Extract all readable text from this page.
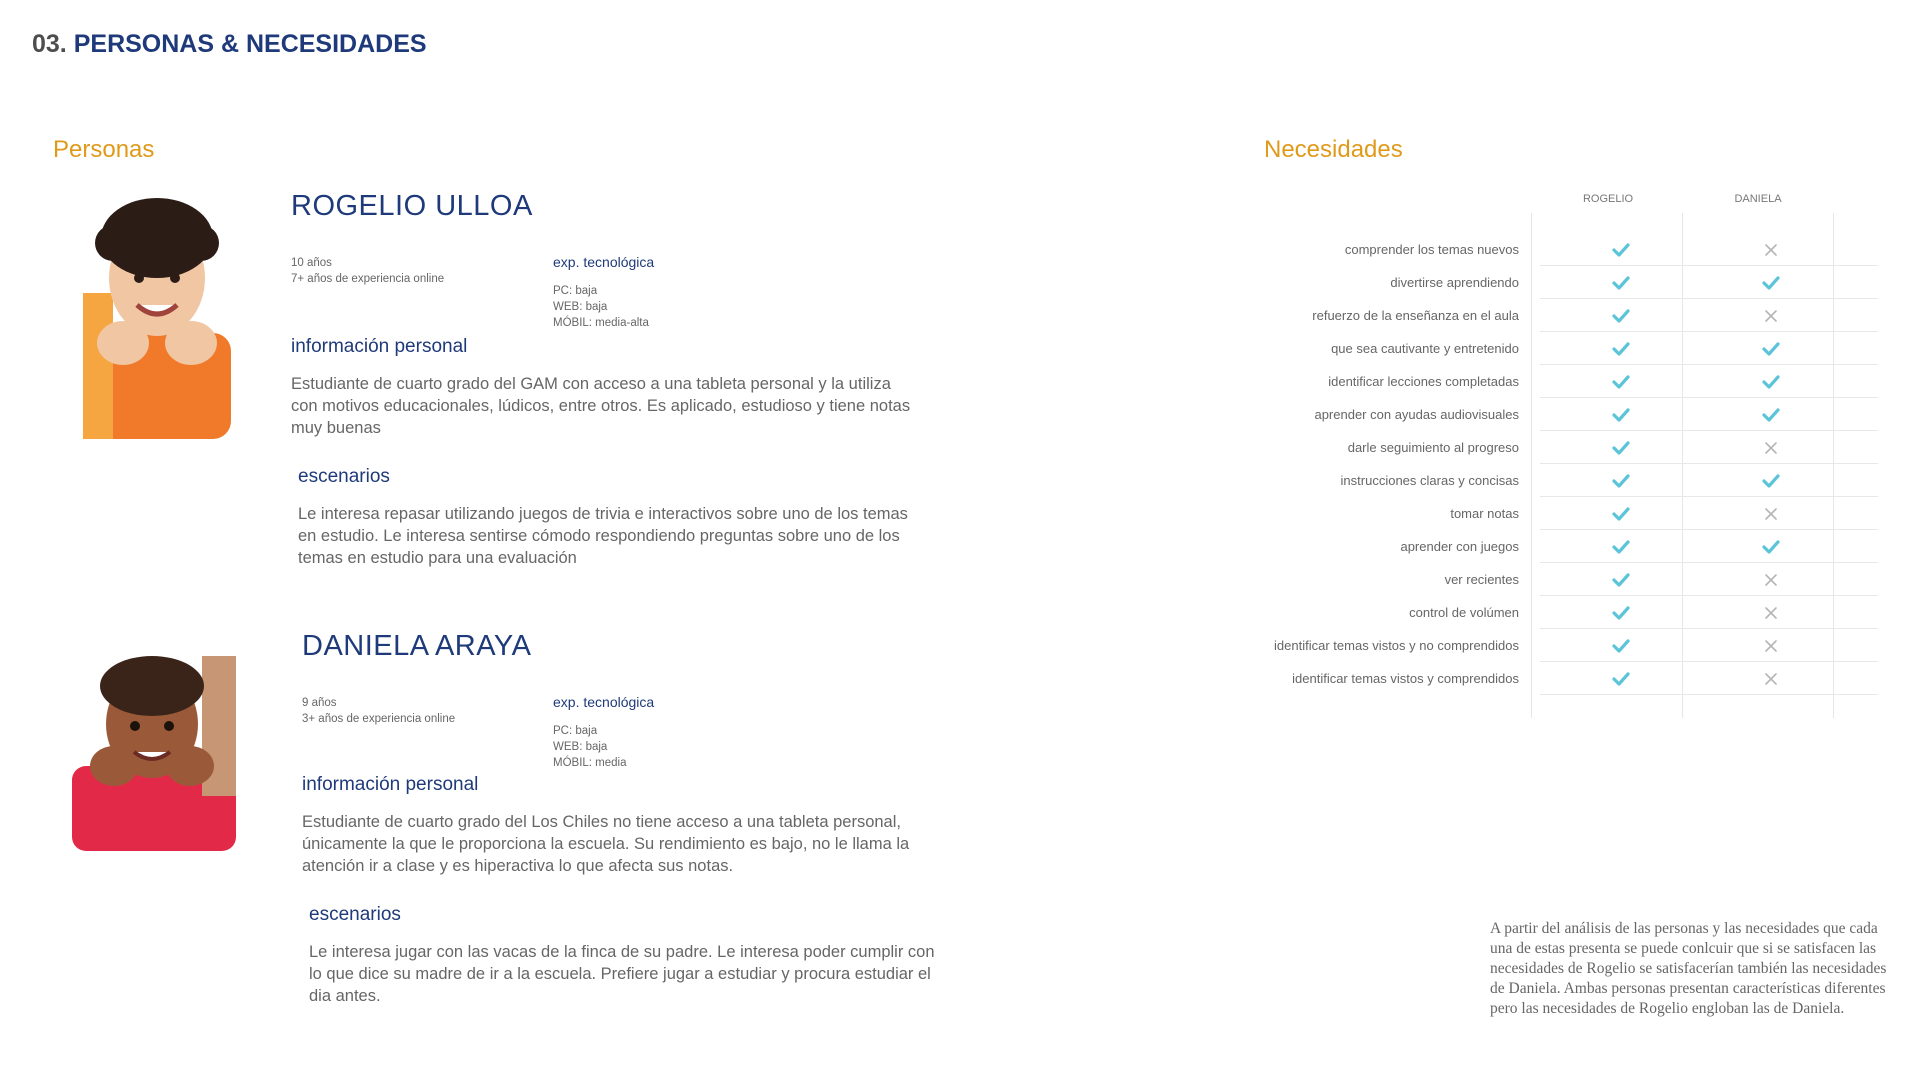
03. PERSONAS & NECESIDADES
Personas	Necesidades
ROGELIO ULLOA
10 años
7+ años de experiencia online
exp. tecnológica
PC: baja
WEB: baja
MÓBIL: media-alta
información personal
Estudiante de cuarto grado del GAM con acceso a una tableta personal y la utiliza con motivos educacionales, lúdicos, entre otros. Es aplicado, estudioso y tiene notas muy buenas
escenarios
Le interesa repasar utilizando juegos de trivia e interactivos sobre uno de los temas en estudio. Le interesa sentirse cómodo respondiendo preguntas sobre uno de los temas en estudio para una evaluación
DANIELA ARAYA
9 años
3+ años de experiencia online
exp. tecnológica
PC: baja
WEB: baja
MÓBIL: media
información personal
Estudiante de cuarto grado del Los Chiles no tiene acceso a una tableta personal, únicamente la que le proporciona la escuela. Su rendimiento es bajo, no le llama la atención ir a clase y es hiperactiva lo que afecta sus notas.
escenarios
Le interesa jugar con las vacas de la finca de su padre. Le interesa poder cumplir con lo que dice su madre de ir a la escuela. Prefiere jugar a estudiar y procura estudiar el dia antes.
ROGELIO	DANIELA
comprender los temas nuevos
divertirse aprendiendo
refuerzo de la enseñanza en el aula
que sea cautivante y entretenido
identificar lecciones completadas
aprender con ayudas audiovisuales
darle seguimiento al progreso
instrucciones claras y concisas
tomar notas
aprender con juegos
ver recientes
control de volúmen
identificar temas vistos y no comprendidos
identificar temas vistos y comprendidos
A partir del análisis de las personas y las necesidades que cada una de estas presenta se puede conlcuir que si se satisfacen las necesidades de Rogelio se satisfacerían también las necesidades de Daniela. Ambas personas presentan características diferentes pero las necesidades de Rogelio engloban las de Daniela.
